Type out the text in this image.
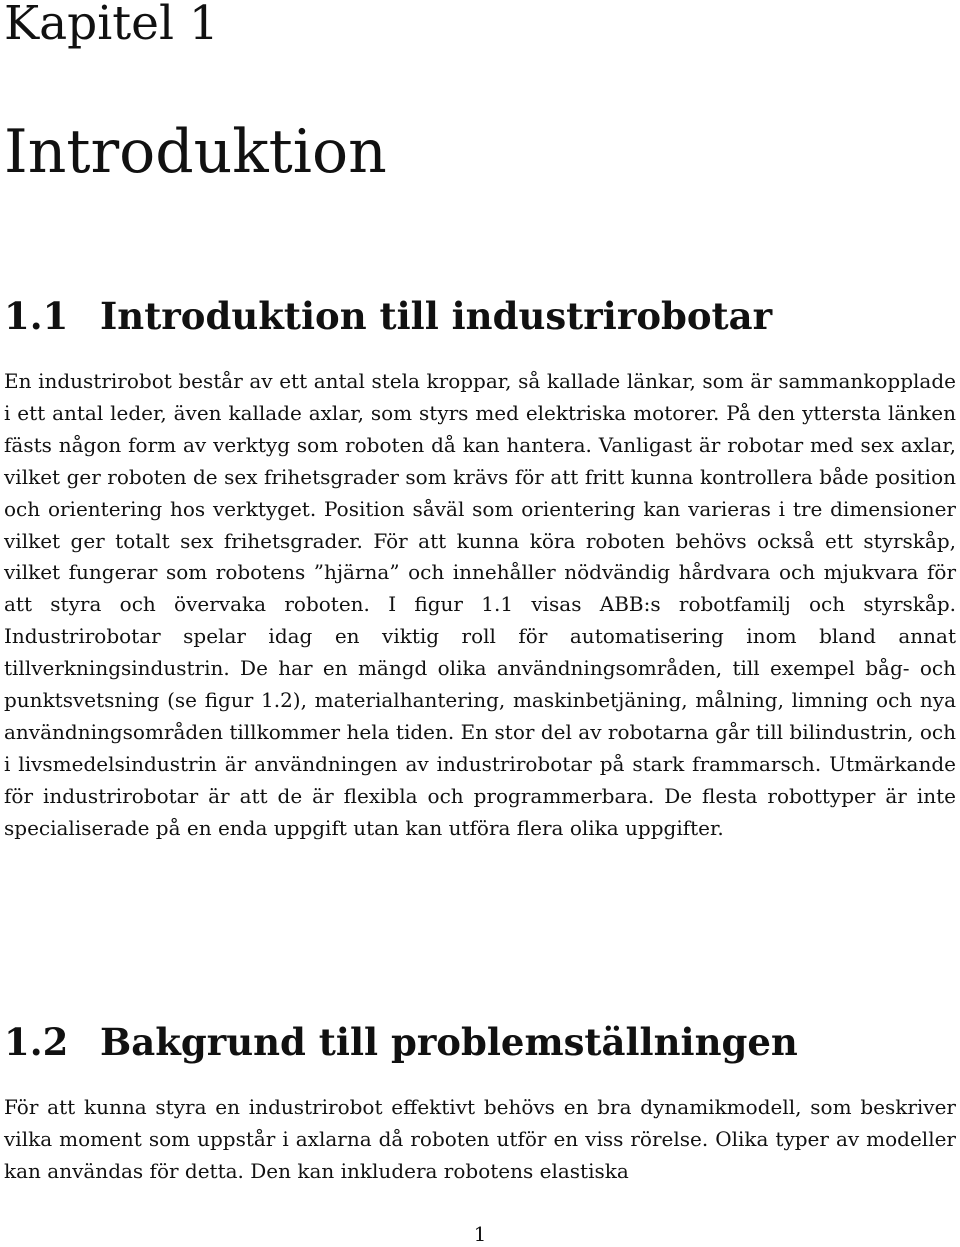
Kapitel 1
Introduktion
1.1 Introduktion till industrirobotar

En industrirobot består av ett antal stela kroppar, så kallade länkar, som är sammankopplade i ett antal leder, även kallade axlar, som styrs med elektriska motorer. På den yttersta länken fästs någon form av verktyg som roboten då kan hantera. Vanligast är robotar med sex axlar, vilket ger roboten de sex frihetsgrader som krävs för att fritt kunna kontrollera både position och orientering hos verktyget. Position såväl som orientering kan varieras i tre dimensioner vilket ger totalt sex frihetsgrader. För att kunna köra roboten behövs också ett styrskåp, vilket fungerar som robotens ”hjärna” och innehåller nödvändig hårdvara och mjukvara för att styra och övervaka roboten. I figur 1.1 visas ABB:s robotfamilj och styrskåp. Industrirobotar spelar idag en viktig roll för automatisering inom bland annat tillverkningsindustrin. De har en mängd olika användningsområden, till exempel båg- och punktsvetsning (se figur 1.2), materialhantering, maskinbetjäning, målning, limning och nya användningsområden tillkommer hela tiden. En stor del av robotarna går till bilindustrin, och i livsmedelsindustrin är användningen av industrirobotar på stark frammarsch. Utmärkande för industrirobotar är att de är flexibla och programmerbara. De flesta robottyper är inte specialiserade på en enda uppgift utan kan utföra flera olika uppgifter.

1.2 Bakgrund till problemställningen

För att kunna styra en industrirobot effektivt behövs en bra dynamikmodell, som beskriver vilka moment som uppstår i axlarna då roboten utför en viss rörelse. Olika typer av modeller kan användas för detta. Den kan inkludera robotens elastiska

1
